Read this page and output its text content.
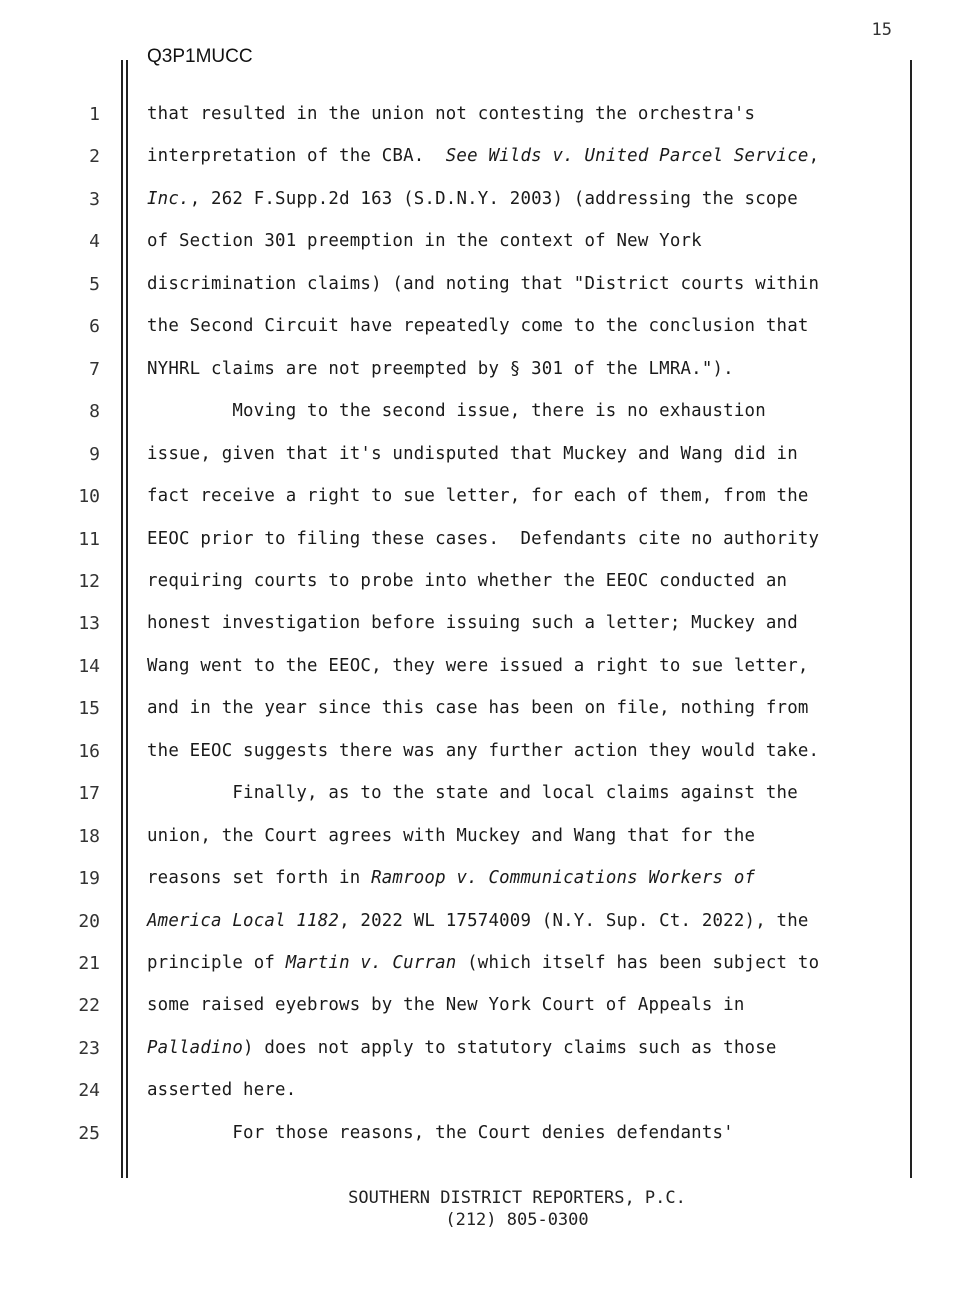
15
Q3P1MUCC
1
2
3
4
5
6
7
8
9
10
11
12
13
14
15
16
17
18
19
20
21
22
23
24
25
that resulted in the union not contesting the orchestra's
interpretation of the CBA.  See Wilds v. United Parcel Service,
Inc., 262 F.Supp.2d 163 (S.D.N.Y. 2003) (addressing the scope
of Section 301 preemption in the context of New York
discrimination claims) (and noting that "District courts within
the Second Circuit have repeatedly come to the conclusion that
NYHRL claims are not preempted by § 301 of the LMRA.").
Moving to the second issue, there is no exhaustion
issue, given that it's undisputed that Muckey and Wang did in
fact receive a right to sue letter, for each of them, from the
EEOC prior to filing these cases.  Defendants cite no authority
requiring courts to probe into whether the EEOC conducted an
honest investigation before issuing such a letter; Muckey and
Wang went to the EEOC, they were issued a right to sue letter,
and in the year since this case has been on file, nothing from
the EEOC suggests there was any further action they would take.
Finally, as to the state and local claims against the
union, the Court agrees with Muckey and Wang that for the
reasons set forth in Ramroop v. Communications Workers of
America Local 1182, 2022 WL 17574009 (N.Y. Sup. Ct. 2022), the
principle of Martin v. Curran (which itself has been subject to
some raised eyebrows by the New York Court of Appeals in
Palladino) does not apply to statutory claims such as those
asserted here.
For those reasons, the Court denies defendants'
SOUTHERN DISTRICT REPORTERS, P.C.
(212) 805-0300
